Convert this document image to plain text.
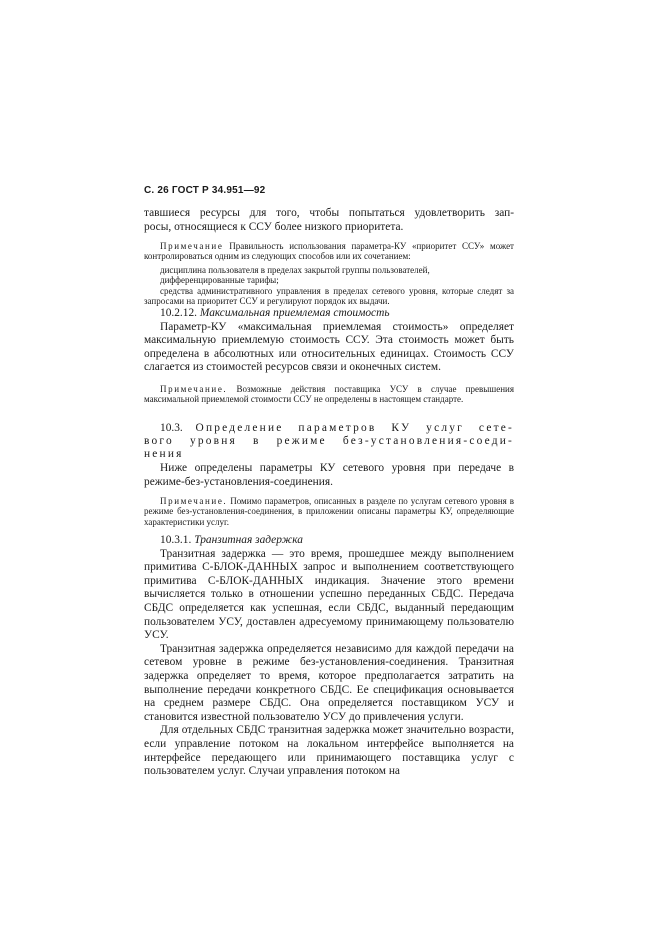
С. 26 ГОСТ Р 34.951—92

тавшиеся ресурсы для того, чтобы попытаться удовлетворить зап-

росы, относящиеся к ССУ более низкого приоритета.

Примечание Правильность использования параметра-КУ «приоритет ССУ» может контролироваться одним из следующих способов или их сочетанием:

дисциплина пользователя в пределах закрытой группы пользователей,

дифференцированные тарифы;

средства административного управления в пределах сетевого уровня, которые следят за запросами на приоритет ССУ и регулируют порядок их выдачи.

10.2.12. Максимальная приемлемая стоимость

Параметр-КУ «максимальная приемлемая стоимость» определяет максимальную приемлемую стоимость ССУ. Эта стоимость может быть определена в абсолютных или относительных единицах. Стоимость ССУ слагается из стоимостей ресурсов связи и оконечных систем.

Примечание. Возможные действия поставщика УСУ в случае превышения максимальной приемлемой стоимости ССУ не определены в настоящем стандарте.

10.3. Определение параметров КУ услуг сете-

вого уровня в режиме без-установления-соеди-

нения

Ниже определены параметры КУ сетевого уровня при передаче в режиме-без-установления-соединения.

Примечание. Помимо параметров, описанных в разделе по услугам сетевого уровня в режиме без-установления-соединения, в приложении описаны параметры КУ, определяющие характеристики услуг.

10.3.1. Транзитная задержка

Транзитная задержка — это время, прошедшее между выполнением примитива С-БЛОК-ДАННЫХ запрос и выполнением соответствующего примитива С-БЛОК-ДАННЫХ индикация. Значение этого времени вычисляется только в отношении успешно переданных СБДС. Передача СБДС определяется как успешная, если СБДС, выданный передающим пользователем УСУ, доставлен адресуемому принимающему пользователю УСУ.

Транзитная задержка определяется независимо для каждой передачи на сетевом уровне в режиме без-установления-соединения. Транзитная задержка определяет то время, которое предполагается затратить на выполнение передачи конкретного СБДС. Ее спецификация основывается на среднем размере СБДС. Она определяется поставщиком УСУ и становится известной пользователю УСУ до привлечения услуги.

Для отдельных СБДС транзитная задержка может значительно возрасти, если управление потоком на локальном интерфейсе выполняется на интерфейсе передающего или принимающего поставщика услуг с пользователем услуг. Случаи управления потоком на
